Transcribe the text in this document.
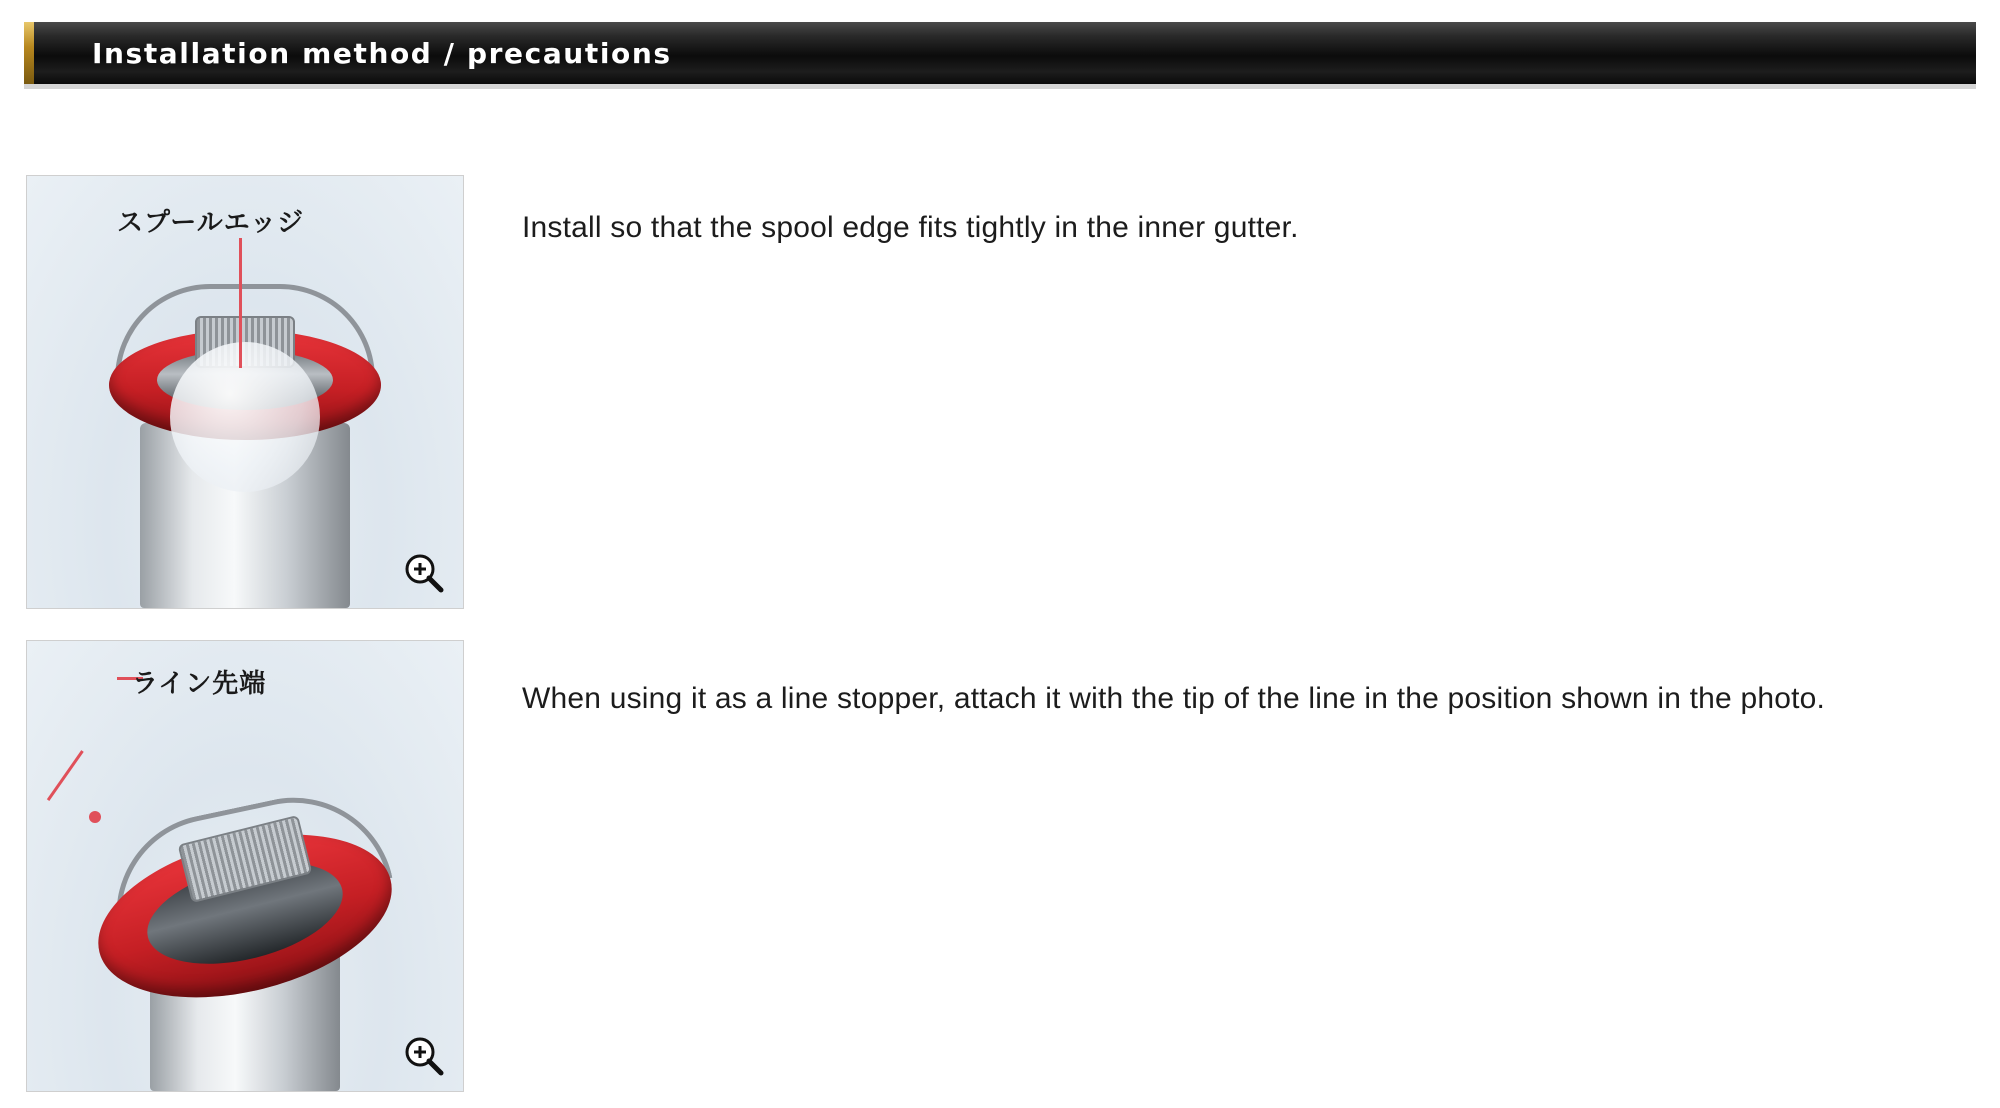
Installation method / precautions
スプールエッジ	Install so that the spool edge fits tightly in the inner gutter.
ライン先端	When using it as a line stopper, attach it with the tip of the line in the position shown in the photo.
